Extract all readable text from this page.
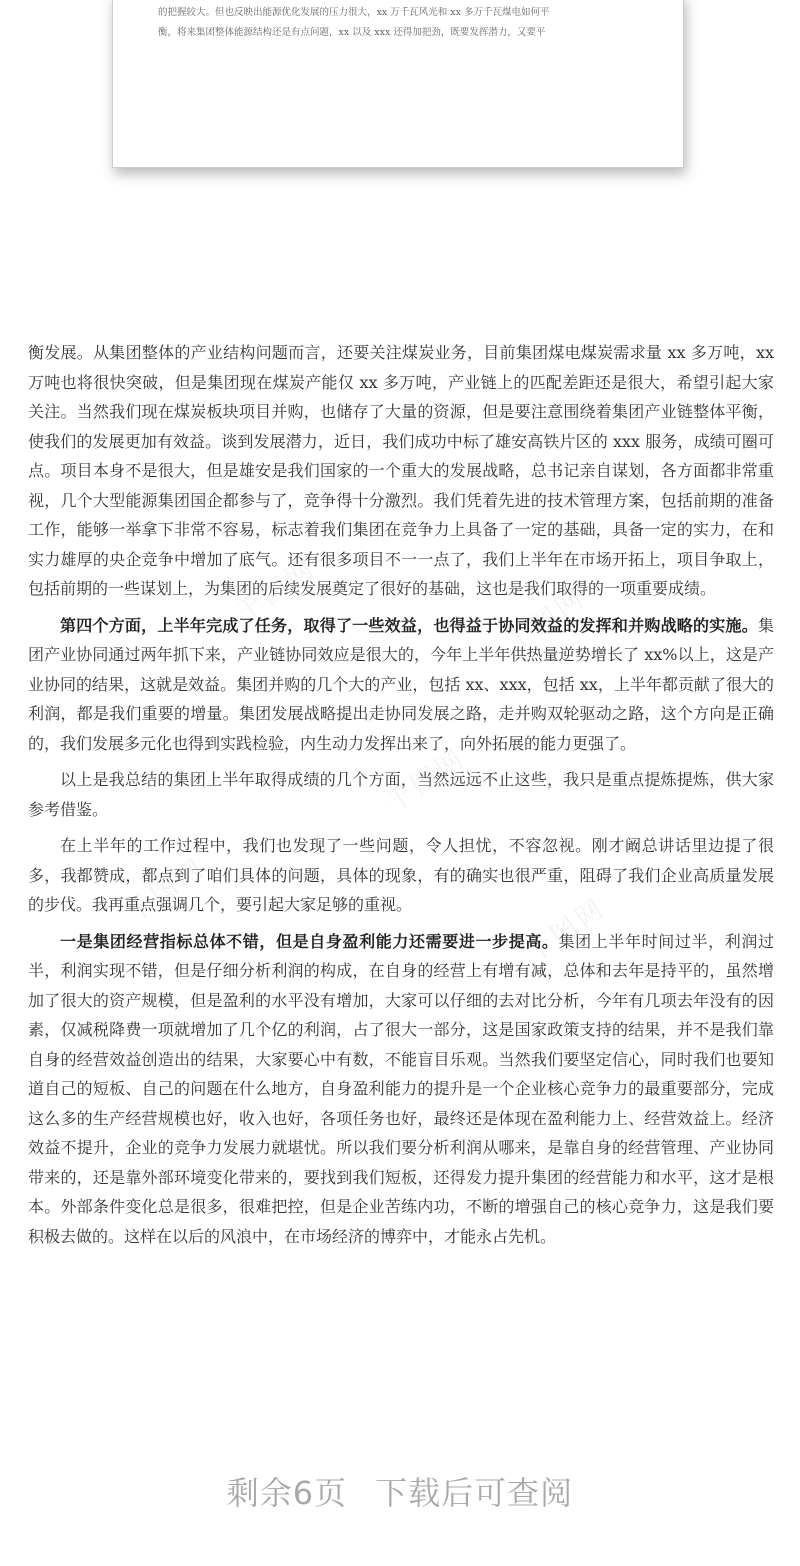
的把握较大。但也反映出能源优化发展的压力很大，xx 万千瓦风光和 xx 多万千瓦煤电如何平
衡，将来集团整体能源结构还是有点问题，xx 以及 xxx 还得加把劲，既要发挥潜力，又要平

千图网	千图网
千图网
千图网
千图网

衡发展。从集团整体的产业结构问题而言，还要关注煤炭业务，目前集团煤电煤炭需求量 xx 多万吨，xx 万吨也将很快突破，但是集团现在煤炭产能仅 xx 多万吨，产业链上的匹配差距还是很大，希望引起大家关注。当然我们现在煤炭板块项目并购，也储存了大量的资源，但是要注意围绕着集团产业链整体平衡，使我们的发展更加有效益。谈到发展潜力，近日，我们成功中标了雄安高铁片区的 xxx 服务，成绩可圈可点。项目本身不是很大，但是雄安是我们国家的一个重大的发展战略，总书记亲自谋划，各方面都非常重视，几个大型能源集团国企都参与了，竞争得十分激烈。我们凭着先进的技术管理方案，包括前期的准备工作，能够一举拿下非常不容易，标志着我们集团在竞争力上具备了一定的基础，具备一定的实力，在和实力雄厚的央企竞争中增加了底气。还有很多项目不一一点了，我们上半年在市场开拓上，项目争取上，包括前期的一些谋划上，为集团的后续发展奠定了很好的基础，这也是我们取得的一项重要成绩。

第四个方面，上半年完成了任务，取得了一些效益，也得益于协同效益的发挥和并购战略的实施。集团产业协同通过两年抓下来，产业链协同效应是很大的，今年上半年供热量逆势增长了 xx%以上，这是产业协同的结果，这就是效益。集团并购的几个大的产业，包括 xx、xxx，包括 xx，上半年都贡献了很大的利润，都是我们重要的增量。集团发展战略提出走协同发展之路，走并购双轮驱动之路，这个方向是正确的，我们发展多元化也得到实践检验，内生动力发挥出来了，向外拓展的能力更强了。

以上是我总结的集团上半年取得成绩的几个方面，当然远远不止这些，我只是重点提炼提炼，供大家参考借鉴。

在上半年的工作过程中，我们也发现了一些问题，令人担忧，不容忽视。刚才阚总讲话里边提了很多，我都赞成，都点到了咱们具体的问题，具体的现象，有的确实也很严重，阻碍了我们企业高质量发展的步伐。我再重点强调几个，要引起大家足够的重视。

一是集团经营指标总体不错，但是自身盈利能力还需要进一步提高。集团上半年时间过半，利润过半，利润实现不错，但是仔细分析利润的构成，在自身的经营上有增有减，总体和去年是持平的，虽然增加了很大的资产规模，但是盈利的水平没有增加，大家可以仔细的去对比分析，今年有几项去年没有的因素，仅减税降费一项就增加了几个亿的利润，占了很大一部分，这是国家政策支持的结果，并不是我们靠自身的经营效益创造出的结果，大家要心中有数，不能盲目乐观。当然我们要坚定信心，同时我们也要知道自己的短板、自己的问题在什么地方，自身盈利能力的提升是一个企业核心竞争力的最重要部分，完成这么多的生产经营规模也好，收入也好，各项任务也好，最终还是体现在盈利能力上、经营效益上。经济效益不提升，企业的竞争力发展力就堪忧。所以我们要分析利润从哪来，是靠自身的经营管理、产业协同带来的，还是靠外部环境变化带来的，要找到我们短板，还得发力提升集团的经营能力和水平，这才是根本。外部条件变化总是很多，很难把控，但是企业苦练内功，不断的增强自己的核心竞争力，这是我们要积极去做的。这样在以后的风浪中，在市场经济的博弈中，才能永占先机。

剩余6页 下载后可查阅
